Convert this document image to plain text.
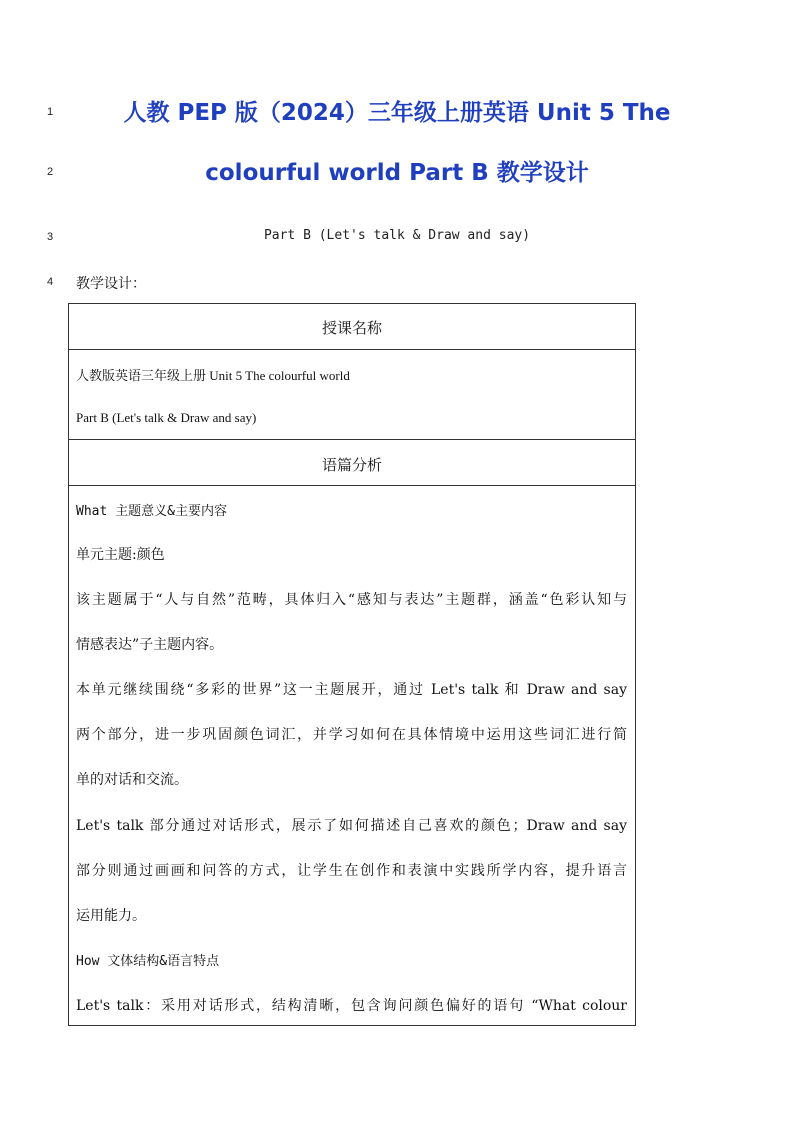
1
2
3
4
人教 PEP 版（2024）三年级上册英语 Unit 5 The
colourful world Part B 教学设计
Part B (Let's talk & Draw and say)
教学设计：
授课名称
人教版英语三年级上册 Unit 5 The colourful world
Part B (Let's talk & Draw and say)
语篇分析
What 主题意义&主要内容
单元主题:颜色
该主题属于“人与自然”范畴，具体归入“感知与表达”主题群，涵盖“色彩认知与
情感表达”子主题内容。
本单元继续围绕“多彩的世界”这一主题展开，通过 Let's talk 和 Draw and say
两个部分，进一步巩固颜色词汇，并学习如何在具体情境中运用这些词汇进行简
单的对话和交流。
Let's talk 部分通过对话形式，展示了如何描述自己喜欢的颜色；Draw and say
部分则通过画画和问答的方式，让学生在创作和表演中实践所学内容，提升语言
运用能力。
How 文体结构&语言特点
Let's talk：采用对话形式，结构清晰，包含询问颜色偏好的语句 “What colour
